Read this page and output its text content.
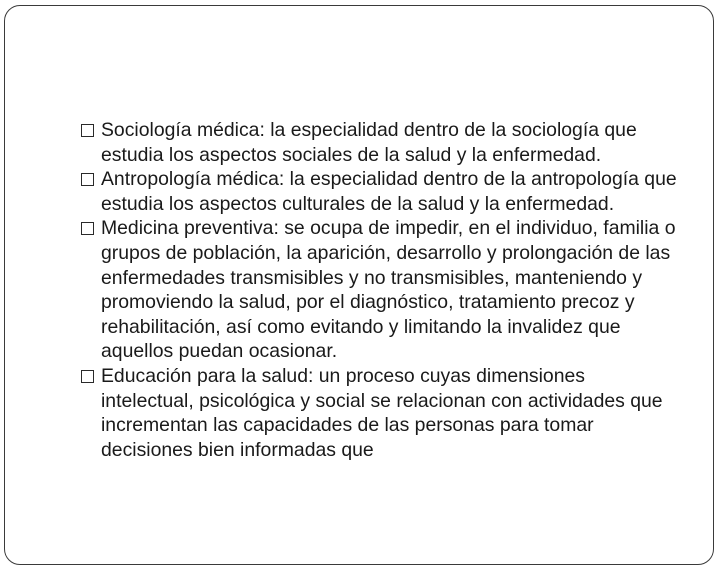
Sociología médica: la especialidad dentro de la sociología que estudia los aspectos sociales de la salud y la enfermedad.
Antropología médica: la especialidad dentro de la antropología que estudia los aspectos culturales de la salud y la enfermedad.
Medicina preventiva: se ocupa de impedir, en el individuo, familia o grupos de población, la aparición, desarrollo y prolongación de las enfermedades transmisibles y no transmisibles, manteniendo y promoviendo la salud, por el diagnóstico, tratamiento precoz y rehabilitación, así como evitando y limitando la invalidez que aquellos puedan ocasionar.
Educación para la salud: un proceso cuyas dimensiones intelectual, psicológica y social se relacionan con actividades que incrementan las capacidades de las personas para tomar decisiones bien informadas que
